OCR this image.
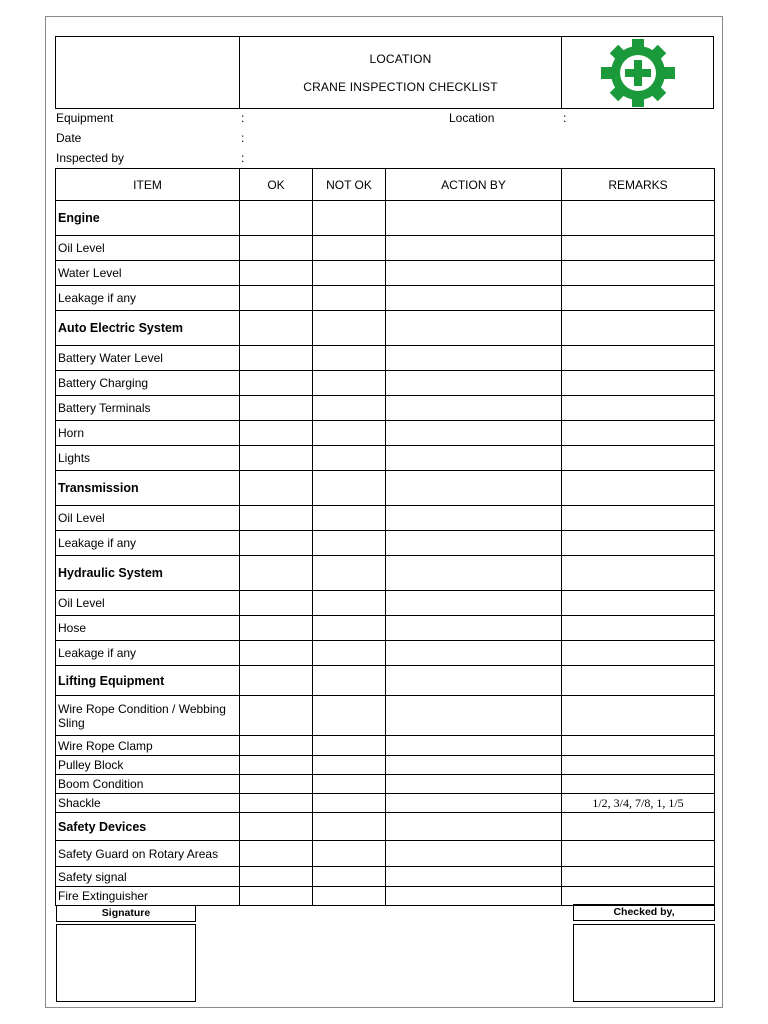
LOCATION
CRANE INSPECTION CHECKLIST
Equipment	:	Location	:
Date	:
Inspected by	:
ITEM	OK	NOT OK	ACTION BY	REMARKS
Engine				
Oil Level				
Water Level				
Leakage if any				
Auto Electric System				
Battery Water Level				
Battery Charging				
Battery Terminals				
Horn				
Lights				
Transmission				
Oil Level				
Leakage if any				
Hydraulic System				
Oil Level				
Hose				
Leakage if any				
Lifting Equipment				
Wire Rope Condition / Webbing Sling				
Wire Rope Clamp				
Pulley Block				
Boom Condition				
Shackle				1/2, 3/4, 7/8, 1, 1/5
Safety Devices				
Safety Guard on Rotary Areas				
Safety signal				
Fire Extinguisher				
Signature	Checked by,
